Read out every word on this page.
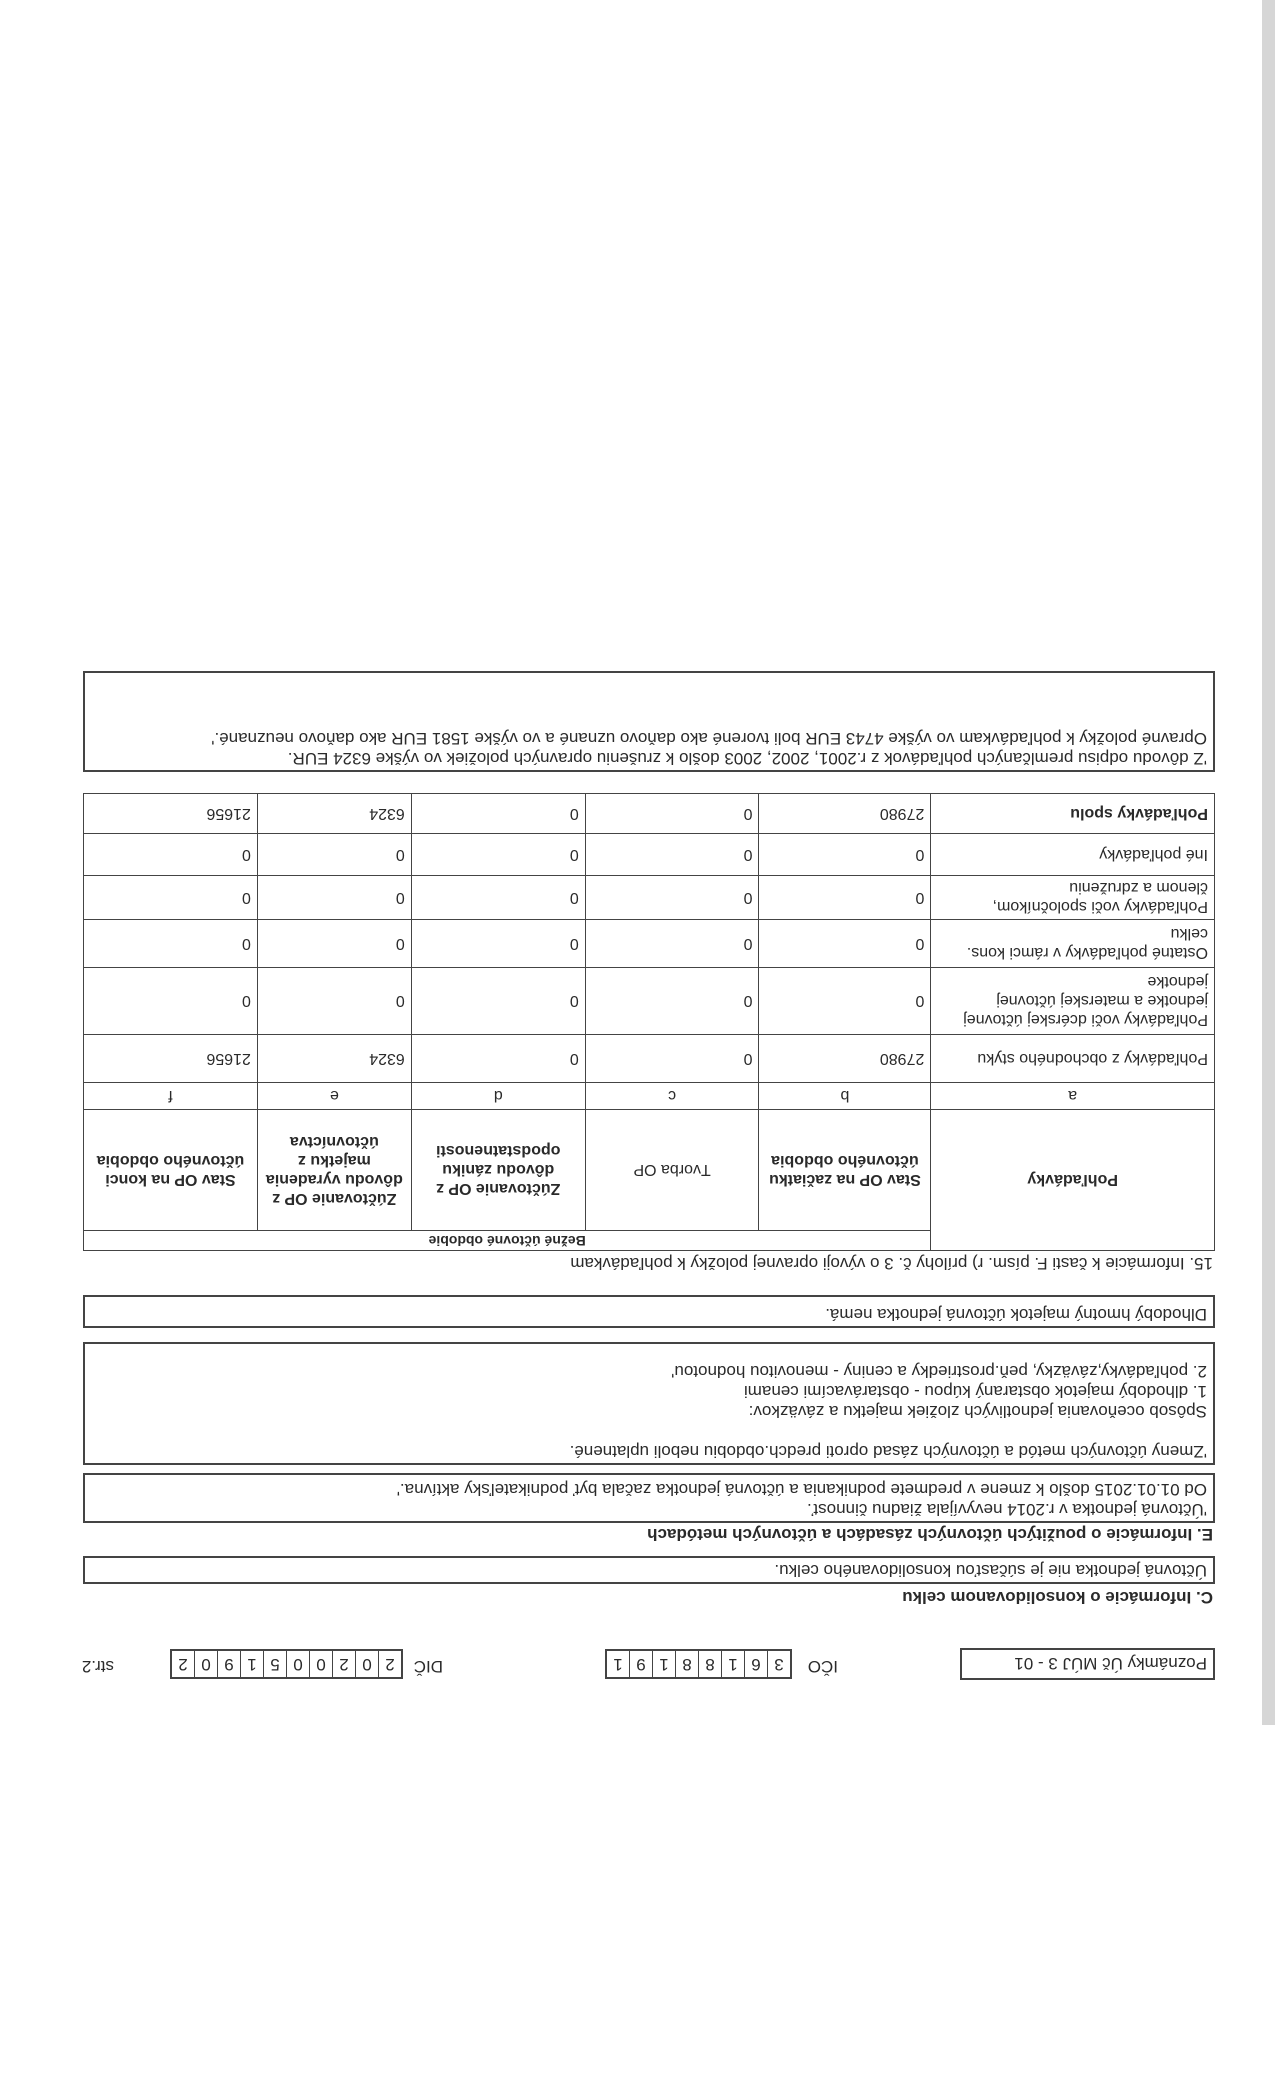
Poznámky Úč MÚJ 3 - 01
IČO
3
6
1
8
8
1
9
1
DIČ
2
0
2
0
0
5
1
9
0
2
str.2
C. Informácie o konsolidovanom celku
Účtovná jednotka nie je súčasťou konsolidovaného celku.
E. Informácie o použitých účtovných zásadách a účtovných metódach
'Účtovná jednotka v r.2014 nevyvíjala žiadnu činnosť.
Od 01.01.2015 došlo k zmene v predmete podnikania a účtovná jednotka začala byť podnikateľsky aktívna.'
'Zmeny účtovných metód a účtovných zásad oproti predch.obdobiu neboli uplatnené.
Spôsob oceňovania jednotlivých zložiek majetku a záväzkov:
1. dlhodobý majetok obstaraný kúpou - obstarávacími cenami
2. pohľadávky,záväzky, peň.prostriedky a ceniny - menovitou hodnotou'
Dlhodobý hmotný majetok účtovná jednotka nemá.
15. Informácie k časti F. písm. r) prílohy č. 3 o vývoji opravnej položky k pohľadávkam
Pohľadávky	Bežné účtovné obdobie				
	Stav OP na začiatku účtovného obdobia	Tvorba OP	Zúčtovanie OP z dôvodu zániku opodstatnenosti	Zúčtovanie OP z dôvodu vyradenia majetku z účtovníctva	Stav OP na konci účtovného obdobia
a	b	c	d	e	f
Pohľadávky z obchodného styku	27980	0	0	6324	21656
Pohľadávky voči dcérskej účtovnej jednotke a materskej účtovnej jednotke	0	0	0	0	0
Ostatné pohľadávky v rámci kons. celku	0	0	0	0	0
Pohľadávky voči spoločníkom, členom a združeniu	0	0	0	0	0
Iné pohľadávky	0	0	0	0	0
Pohľadávky spolu	27980	0	0	6324	21656
'Z dôvodu odpisu premlčaných pohľadávok z r.2001, 2002, 2003 došlo k zrušeniu opravných položiek vo výške 6324 EUR.
Opravné položky k pohľadávkam vo výške 4743 EUR boli tvorené ako daňovo uznané a vo výške 1581 EUR ako daňovo neuznané.'
